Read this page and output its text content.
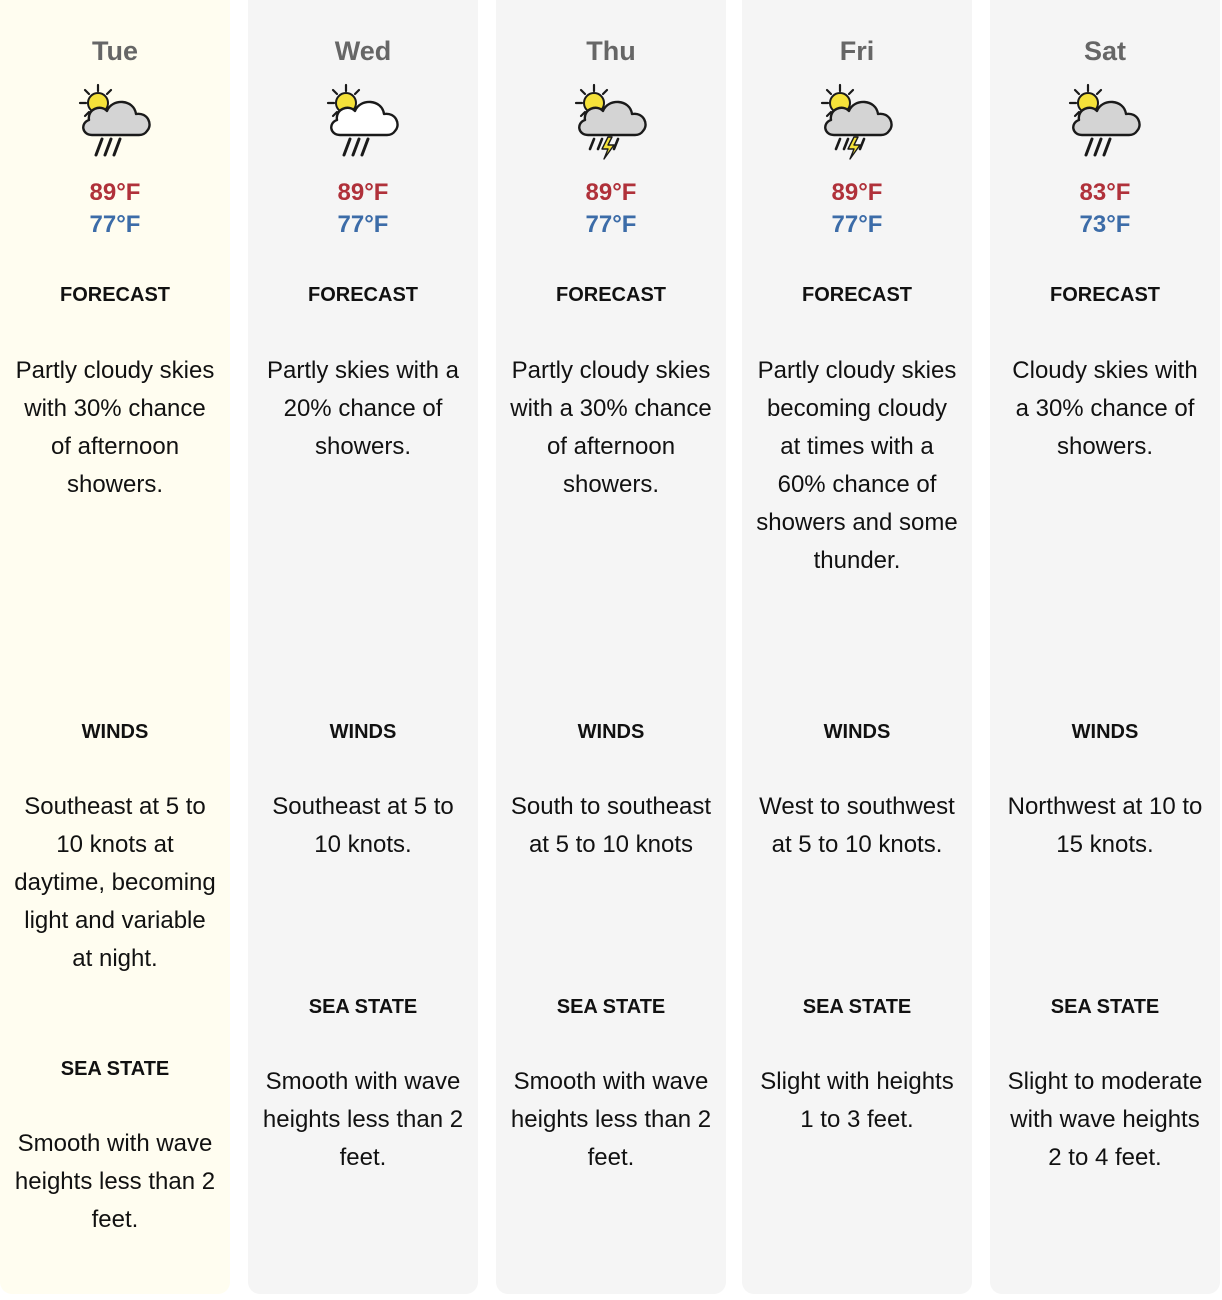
Tue
89°F
77°F
FORECAST
Partly cloudy skies with 30% chance of afternoon showers.
WINDS
Southeast at 5 to 10 knots at daytime, becoming light and variable at night.
SEA STATE
Smooth with wave heights less than 2 feet.
Wed
89°F
77°F
FORECAST
Partly skies with a 20% chance of showers.
WINDS
Southeast at 5 to 10 knots.
SEA STATE
Smooth with wave heights less than 2 feet.
Thu
89°F
77°F
FORECAST
Partly cloudy skies with a 30% chance of afternoon showers.
WINDS
South to southeast at 5 to 10 knots
SEA STATE
Smooth with wave heights less than 2 feet.
Fri
89°F
77°F
FORECAST
Partly cloudy skies becoming cloudy at times with a 60% chance of showers and some thunder.
WINDS
West to southwest at 5 to 10 knots.
SEA STATE
Slight with heights 1 to 3 feet.
Sat
83°F
73°F
FORECAST
Cloudy skies with a 30% chance of showers.
WINDS
Northwest at 10 to 15 knots.
SEA STATE
Slight to moderate with wave heights 2 to 4 feet.
